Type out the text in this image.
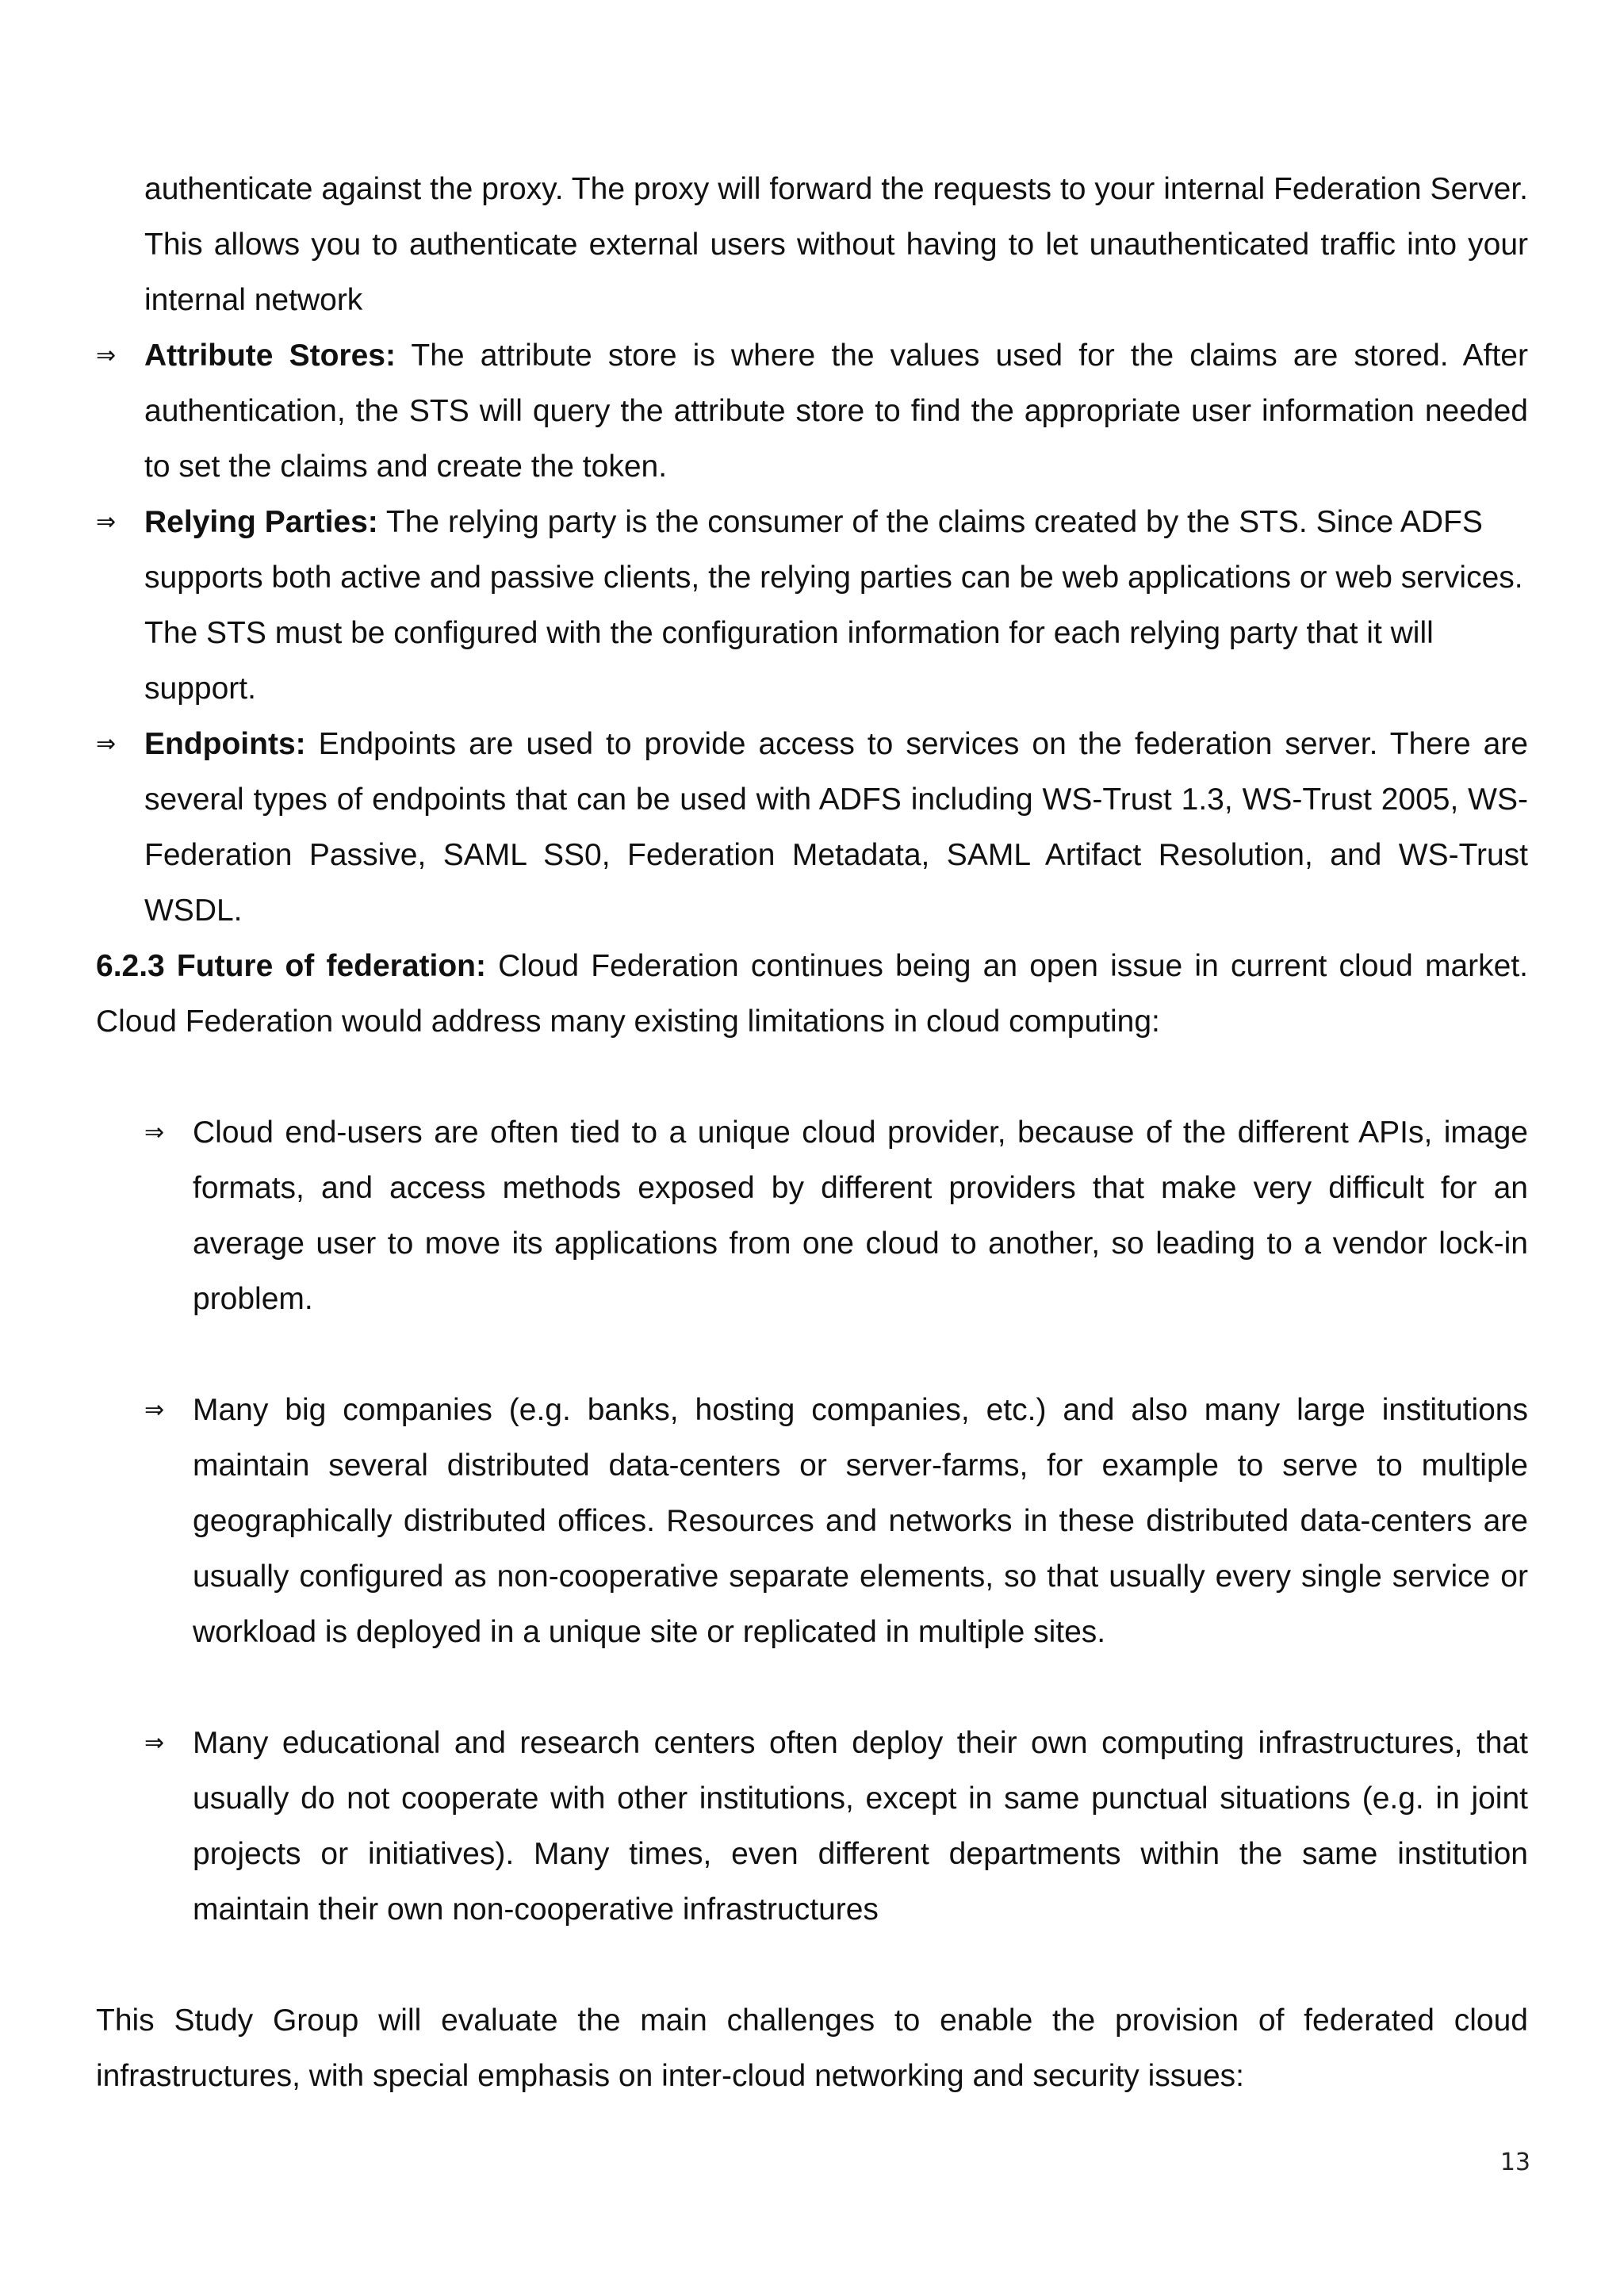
authenticate against the proxy. The proxy will forward the requests to your internal Federation Server. This allows you to authenticate external users without having to let unauthenticated traffic into your internal network
⇒ Attribute Stores: The attribute store is where the values used for the claims are stored. After authentication, the STS will query the attribute store to find the appropriate user information needed to set the claims and create the token.
⇒ Relying Parties: The relying party is the consumer of the claims created by the STS. Since ADFS supports both active and passive clients, the relying parties can be web applications or web services. The STS must be configured with the configuration information for each relying party that it will support.
⇒ Endpoints: Endpoints are used to provide access to services on the federation server. There are several types of endpoints that can be used with ADFS including WS-Trust 1.3, WS-Trust 2005, WS-Federation Passive, SAML SS0, Federation Metadata, SAML Artifact Resolution, and WS-Trust WSDL.
6.2.3 Future of federation: Cloud Federation continues being an open issue in current cloud market. Cloud Federation would address many existing limitations in cloud computing:
⇒ Cloud end-users are often tied to a unique cloud provider, because of the different APIs, image formats, and access methods exposed by different providers that make very difficult for an average user to move its applications from one cloud to another, so leading to a vendor lock-in problem.
⇒ Many big companies (e.g. banks, hosting companies, etc.) and also many large institutions maintain several distributed data-centers or server-farms, for example to serve to multiple geographically distributed offices. Resources and networks in these distributed data-centers are usually configured as non-cooperative separate elements, so that usually every single service or workload is deployed in a unique site or replicated in multiple sites.
⇒ Many educational and research centers often deploy their own computing infrastructures, that usually do not cooperate with other institutions, except in same punctual situations (e.g. in joint projects or initiatives). Many times, even different departments within the same institution maintain their own non-cooperative infrastructures
This Study Group will evaluate the main challenges to enable the provision of federated cloud infrastructures, with special emphasis on inter-cloud networking and security issues:
13
